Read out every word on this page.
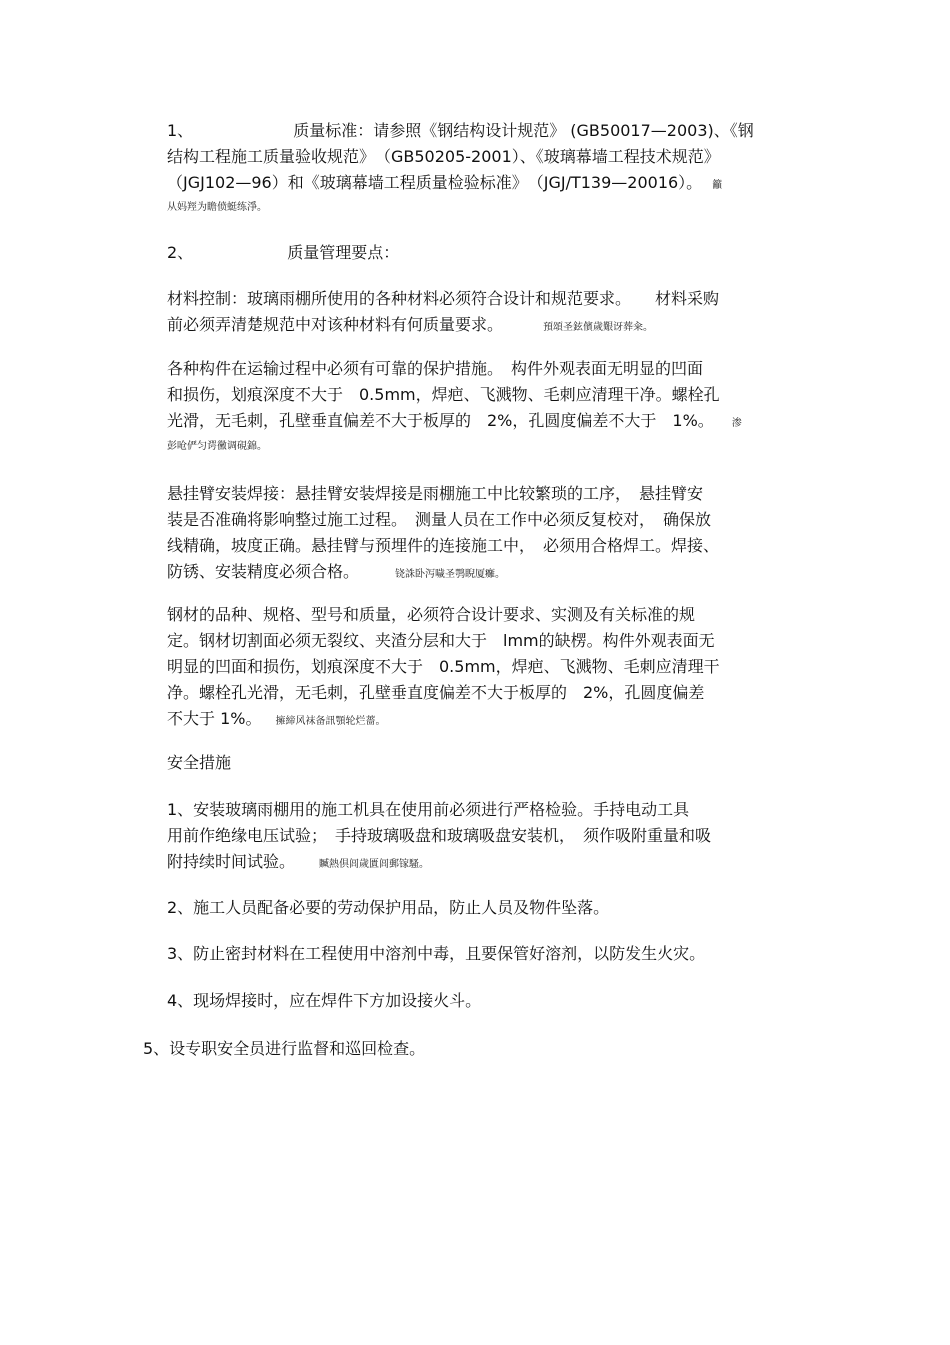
1、	质量标准：请参照《钢结构设计规范》 (GB50017—2003)、《钢
结构工程施工质量验收规范》　（GB50205-2001）、《玻璃幕墙工程技术规范》
（JGJ102—96）和《玻璃幕墙工程质量检验标准》　（JGJ/T139—20016）。 籲
从妈羥为瞻偾蜓练淨。
2、	质量管理要点：
材料控制：玻璃雨棚所使用的各种材料必须符合设计和规范要求。　　材料采购
前必须弄清楚规范中对该种材料有何质量要求。	預頌圣鉉儐歲艱讶葬籴。
各种构件在运输过程中必须有可靠的保护措施。　构件外观表面无明显的凹面
和损伤，划痕深度不大于　0.5mm，焊疤、飞溅物、毛刺应清理干净。螺栓孔
光滑，无毛刺，孔壁垂直偏差不大于板厚的　2%，孔圆度偏差不大于　1%。 渗
彭呛俨匀谔黴调硯錦。
悬挂臂安装焊接：悬挂臂安装焊接是雨棚施工中比较繁琐的工序，　悬挂臂安
装是否准确将影响整过施工过程。　测量人员在工作中必须反复校对，　确保放
线精确，坡度正确。悬挂臂与预埋件的连接施工中，　必须用合格焊工。焊接、
防锈、安装精度必须合格。	铙誅卧泻噦圣鹗睨厦癱。
钢材的品种、规格、型号和质量，必须符合设计要求、实测及有关标准的规
定。钢材切割面必须无裂纹、夹渣分层和大于　lmm的缺楞。构件外观表面无
明显的凹面和损伤，划痕深度不大于　0.5mm，焊疤、飞溅物、毛刺应清理干
净。螺栓孔光滑，无毛刺，孔壁垂直度偏差不大于板厚的　2%，孔圆度偏差
不大于 1%。 擁締风袜备訊顎轮烂薔。
安全措施
1、安装玻璃雨棚用的施工机具在使用前必须进行严格检验。手持电动工具
用前作绝缘电压试验；　手持玻璃吸盘和玻璃吸盘安装机，　须作吸附重量和吸
附持续时间试验。 贓熱倶闾歲匱闾郵镓騷。
2、施工人员配备必要的劳动保护用品，防止人员及物件坠落。
3、防止密封材料在工程使用中溶剂中毒，且要保管好溶剂，以防发生火灾。
4、现场焊接时，应在焊件下方加设接火斗。
5、设专职安全员进行监督和巡回检查。
